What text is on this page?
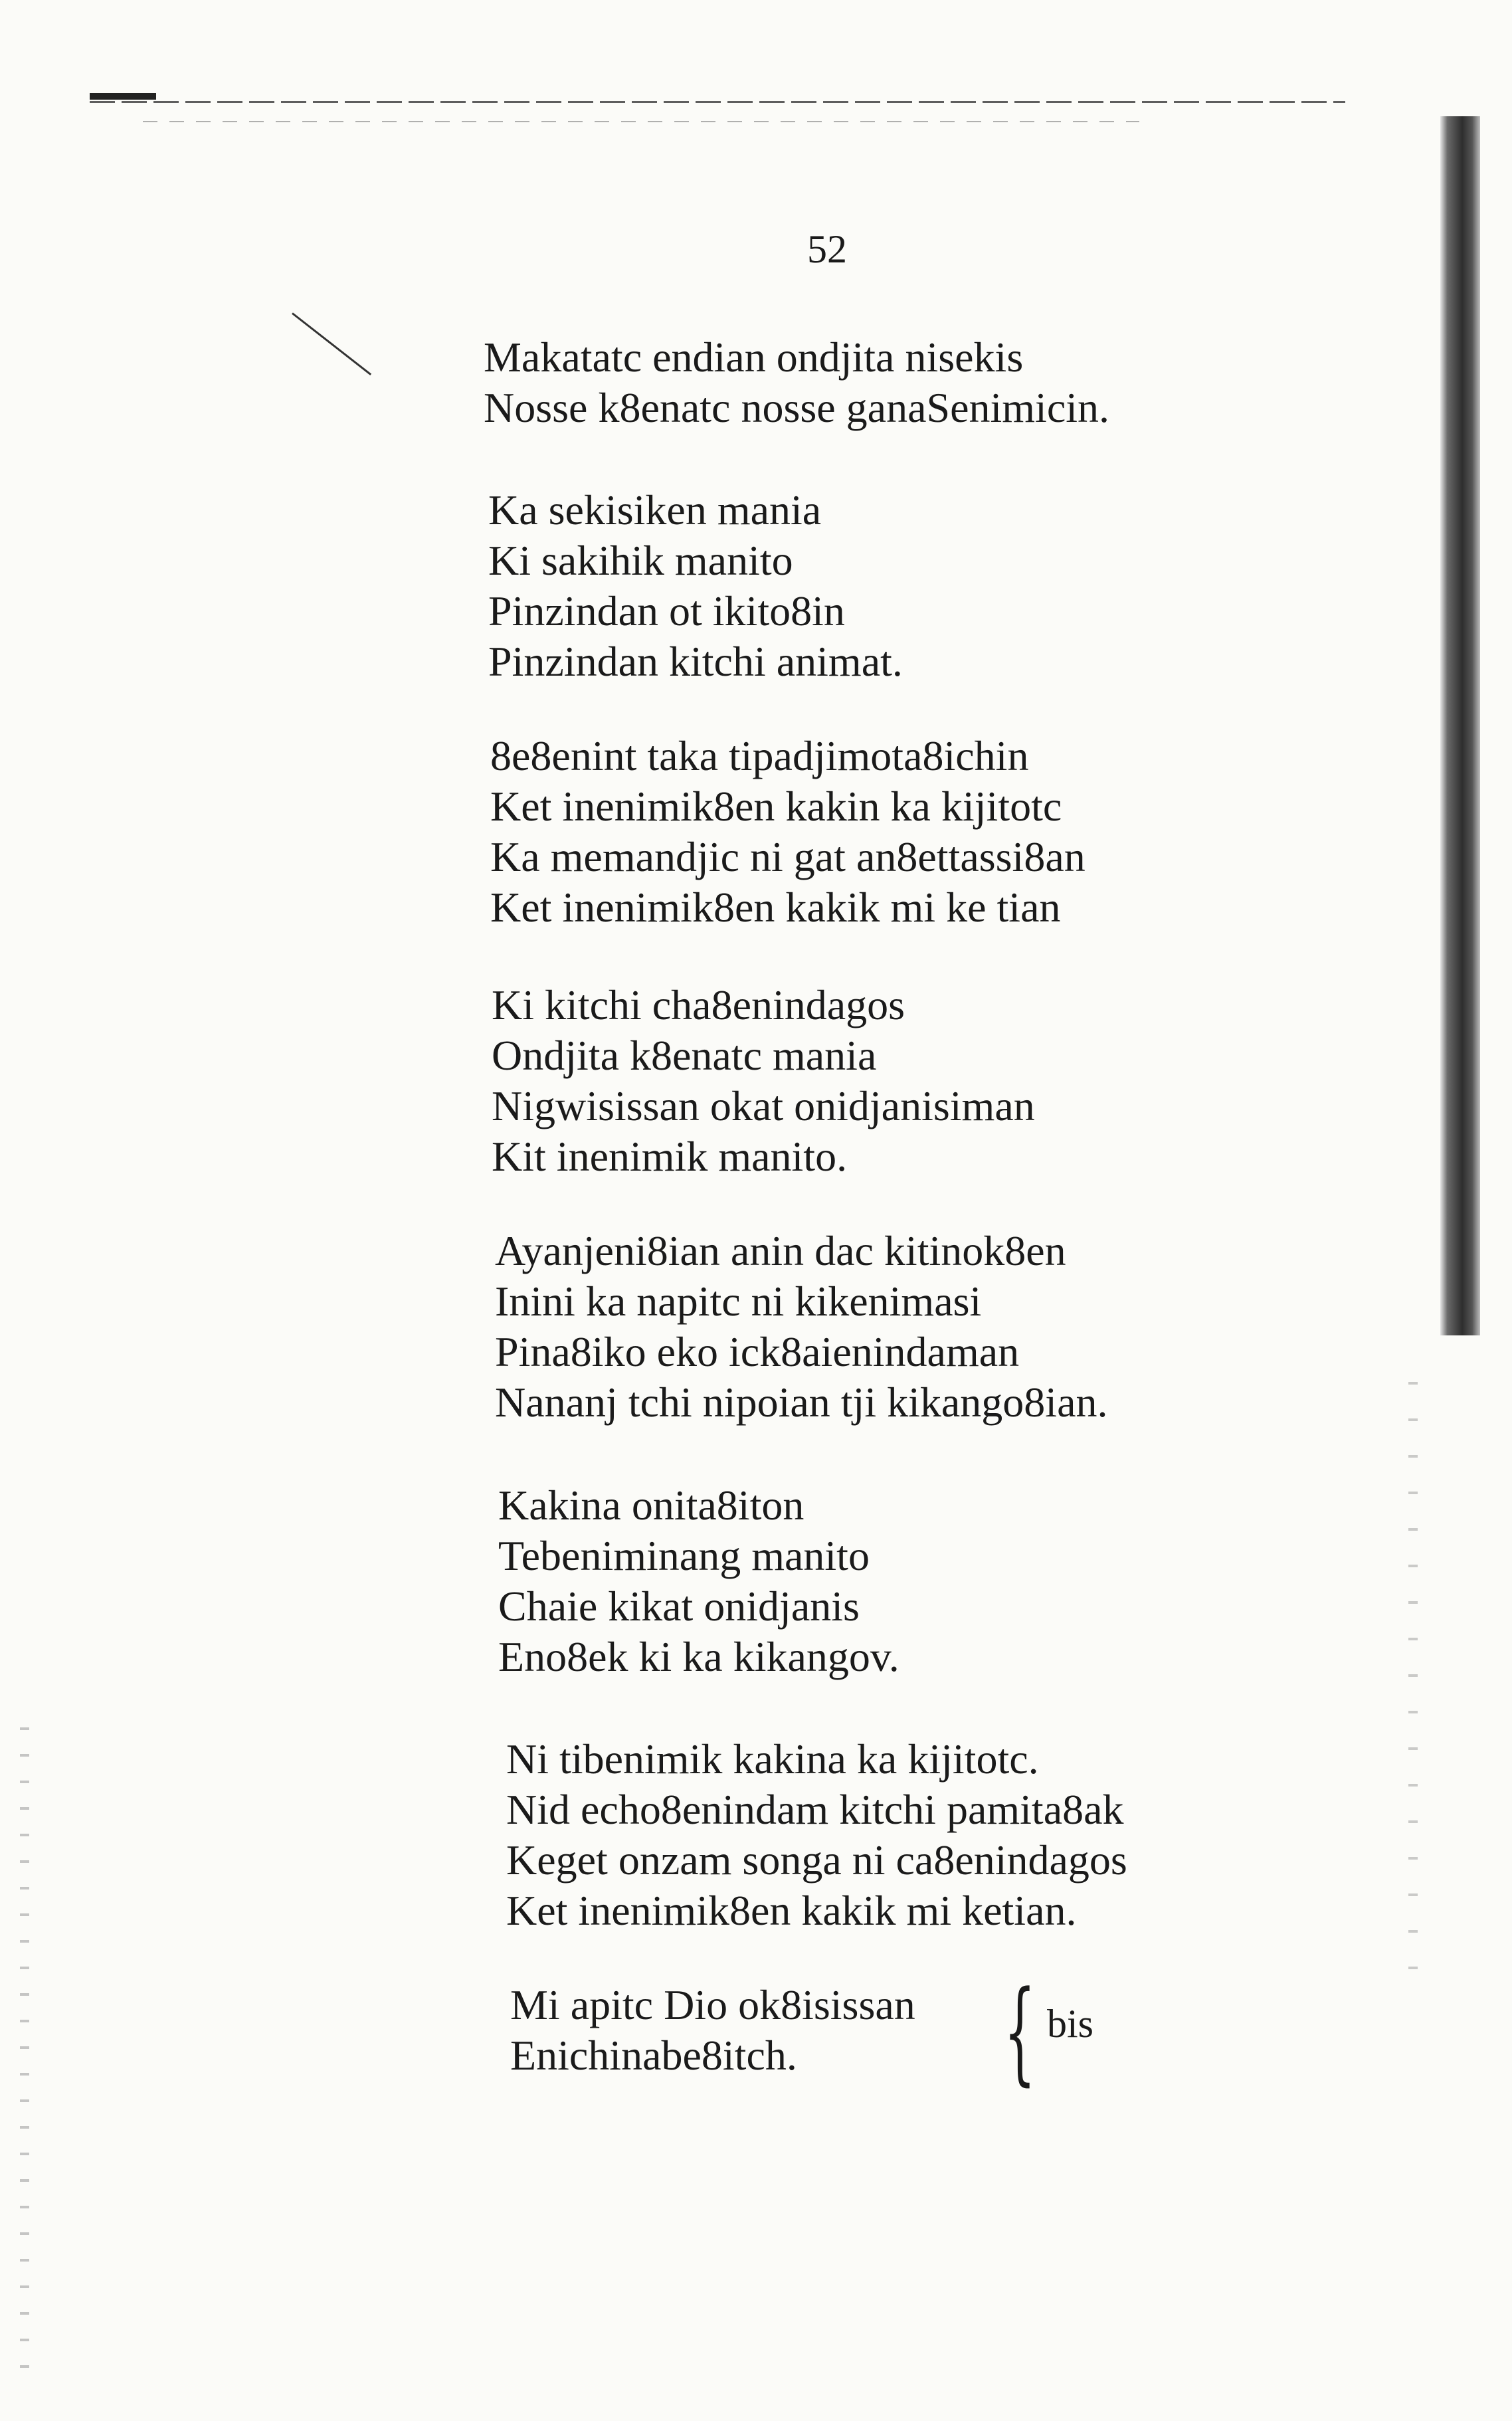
52
Makatatc endian ondjita nisekis
Nosse k8enatc nosse ganaSenimicin.
Ka sekisiken mania
Ki sakihik manito
Pinzindan ot ikito8in
Pinzindan kitchi animat.
8e8enint taka tipadjimota8ichin
Ket inenimik8en kakin ka kijitotc
Ka memandjic ni gat an8ettassi8an
Ket inenimik8en kakik mi ke tian
Ki kitchi cha8enindagos
Ondjita k8enatc mania
Nigwisissan okat onidjanisiman
Kit inenimik manito.
Ayanjeni8ian anin dac kitinok8en
Inini ka napitc ni kikenimasi
Pina8iko eko ick8aienindaman
Nananj tchi nipoian tji kikango8ian.
Kakina onita8iton
Tebeniminang manito
Chaie kikat onidjanis
Eno8ek ki ka kikangov.
Ni tibenimik kakina ka kijitotc.
Nid echo8enindam kitchi pamita8ak
Keget onzam songa ni ca8enindagos
Ket inenimik8en kakik mi ketian.
Mi apitc Dio ok8isissan
Enichinabe8itch. { bis
